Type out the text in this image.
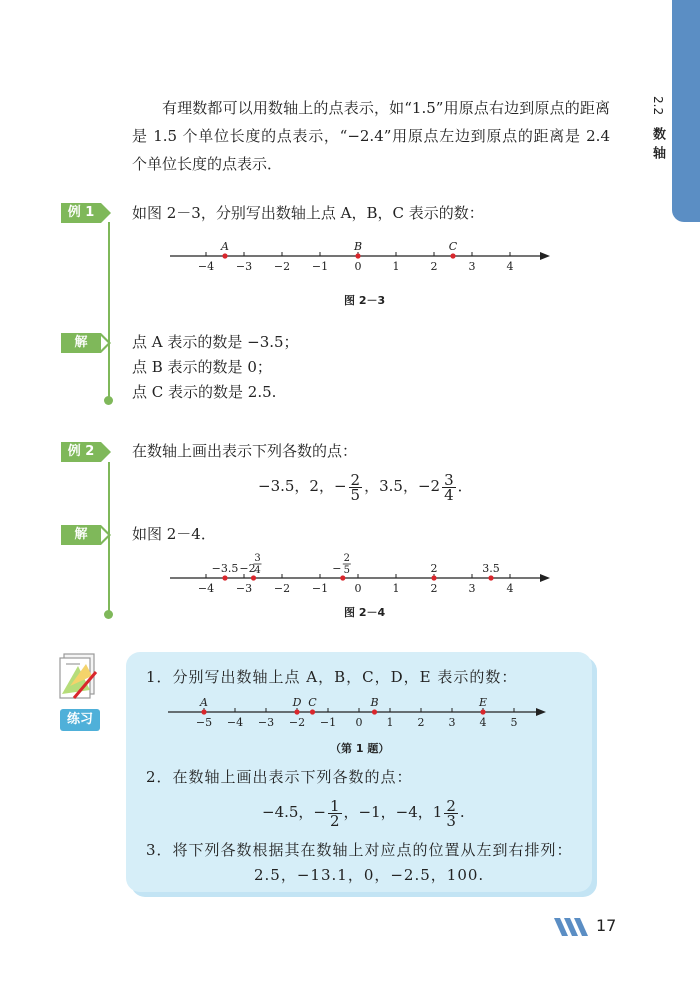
2.2
数轴

有理数都可以用数轴上的点表示，如“1.5”用原点右边到原点的距离是 1.5 个单位长度的点表示，“−2.4”用原点左边到原点的距离是 2.4 个单位长度的点表示．

例 1	如图 2－3，分别写出数轴上点 A，B，C 表示的数：
−4 −3 −2 −1 0	1	2	3	4
A	B	C
图 2－3
解	点 A 表示的数是 −3.5；
点 B 表示的数是 0；
点 C 表示的数是 2.5.
例 2	在数轴上画出表示下列各数的点：
−3.5，2，− $\frac{2}{5}$ ，3.5，$-2 \frac{3}{4}$ ．
解	如图 2－4．
−4 −3 −2 −1 0	1	2	3	4
−3.5 −2
3
4	−
2
5	2	3.5
图 2－4
练习
1．分别写出数轴上点 A，B，C，D，E 表示的数：
−5 −4 −3 −2 −1 0 1 2 3 4 5
A	D C	B	E
（第 1 题）
2．在数轴上画出表示下列各数的点：
−4.5，− $\frac{1}{2}$ ，−1，−4，$1 \frac{2}{3}$ .
3．将下列各数根据其在数轴上对应点的位置从左到右排列：
2.5，−13.1，0，−2.5，100.
17
